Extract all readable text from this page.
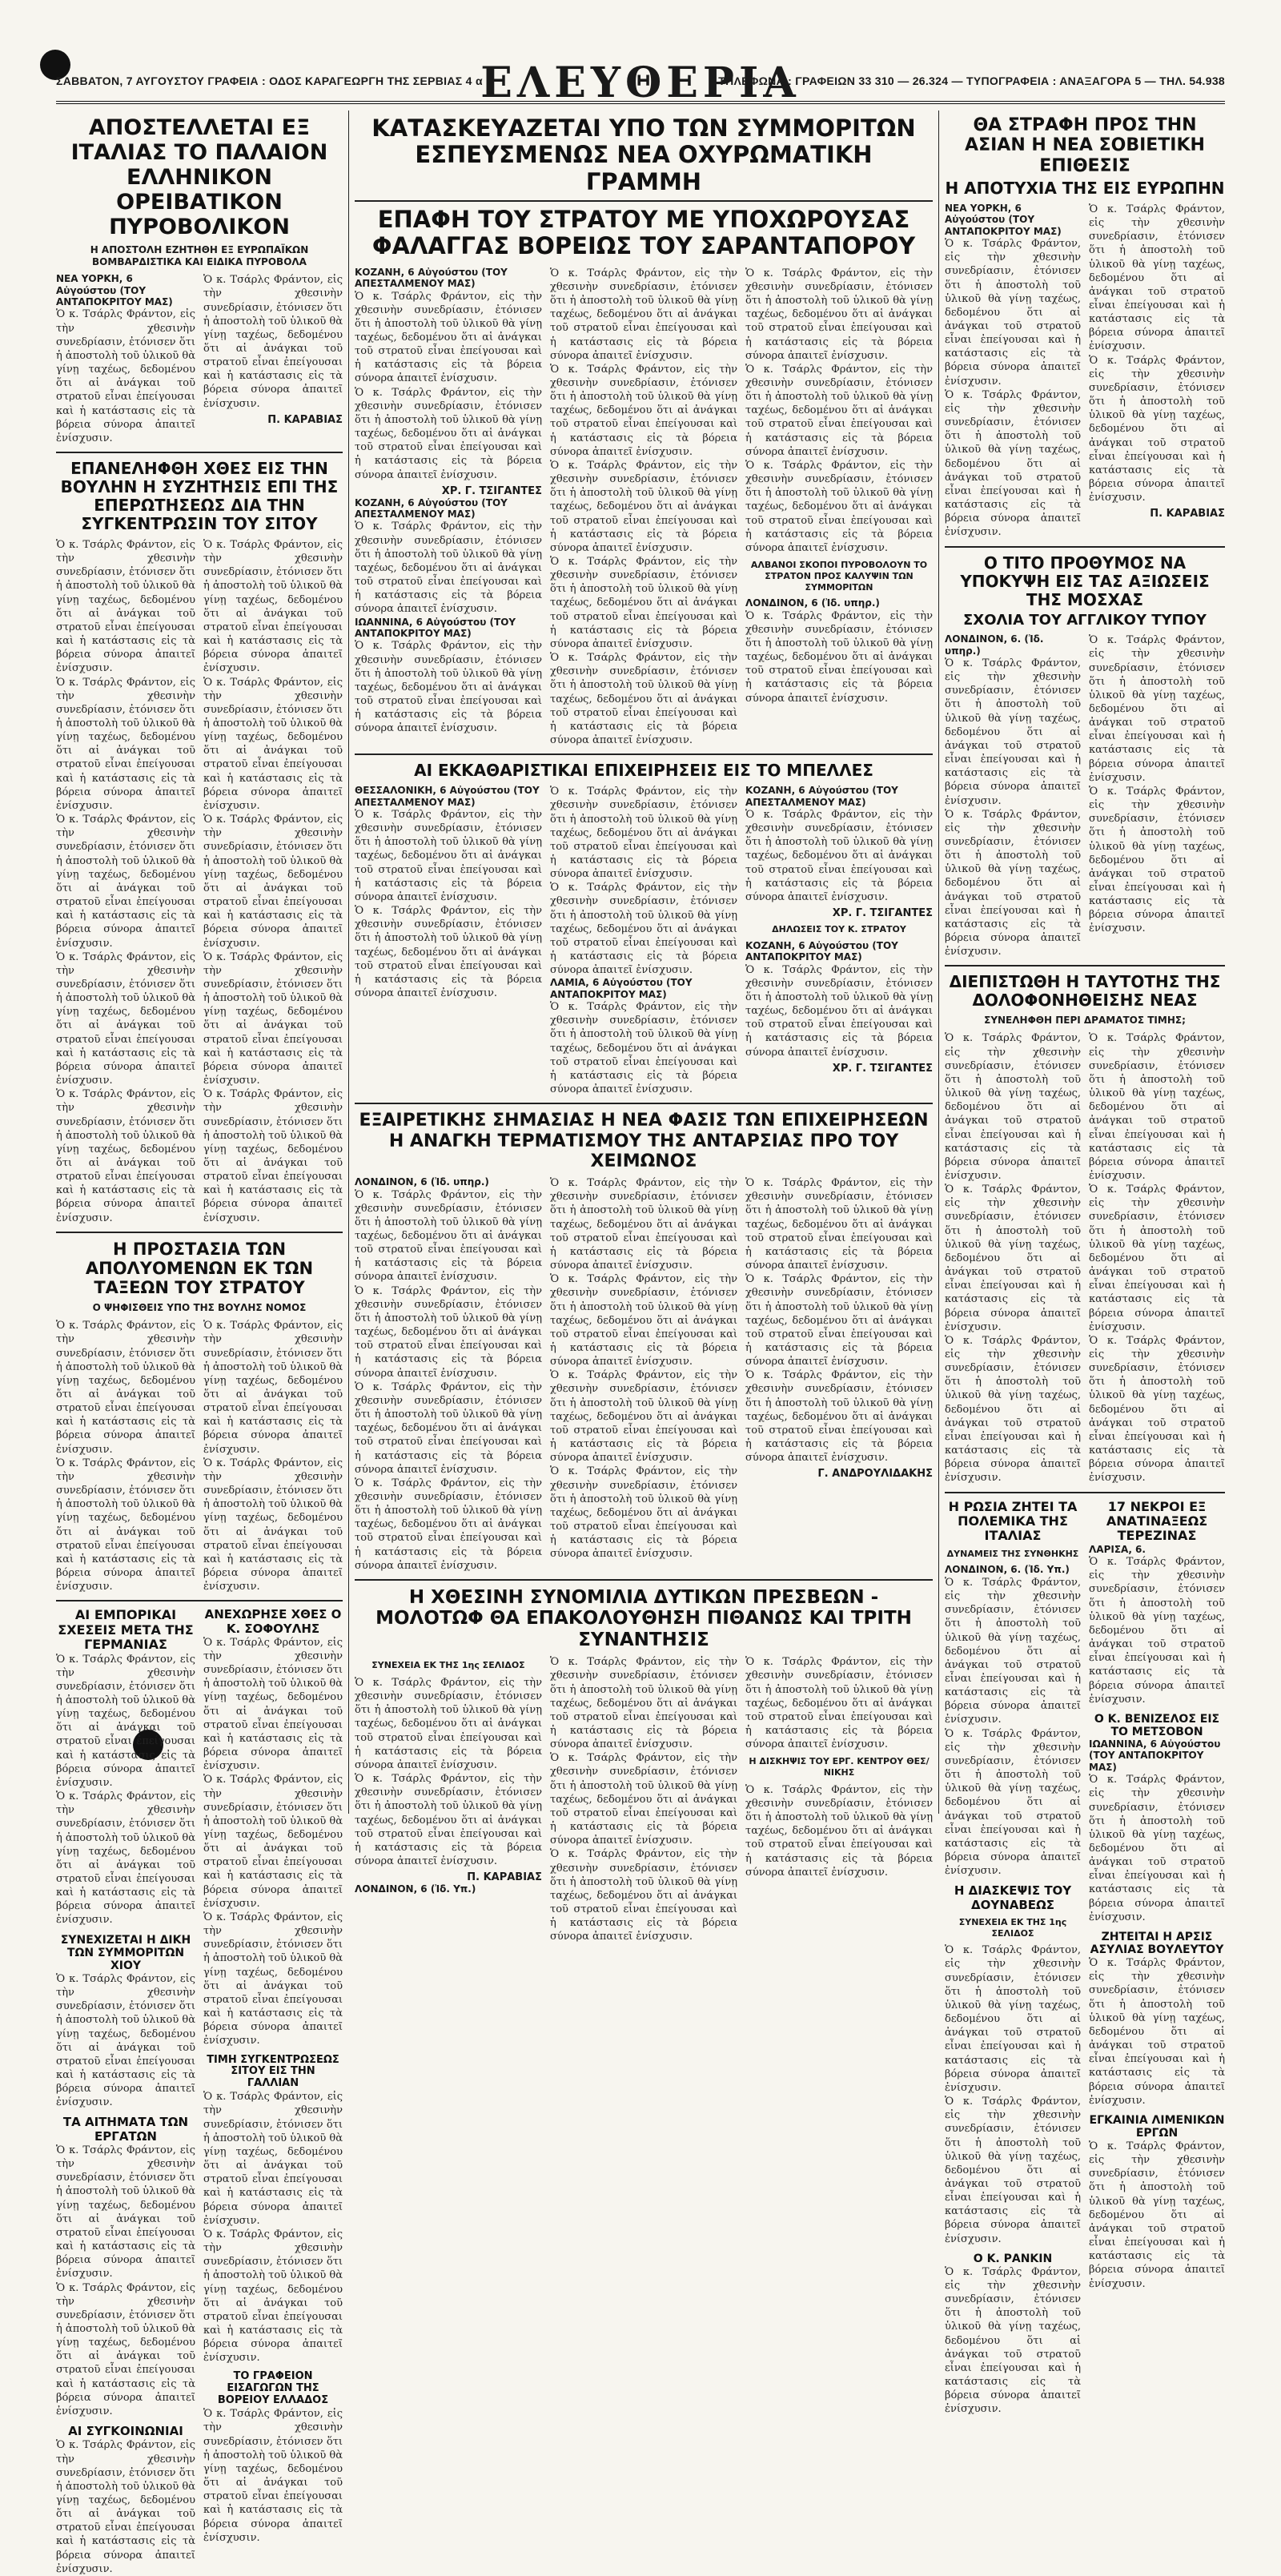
ΣΑΒΒΑΤΟΝ, 7 ΑΥΓΟΥΣΤΟΥ ΓΡΑΦΕΙΑ : ΟΔΟΣ ΚΑΡΑΓΕΩΡΓΗ ΤΗΣ ΣΕΡΒΙΑΣ 4 α
ΕΛΕΥΘΕΡΙΑ
ΤΗΛΕΦΩΝΑ : ΓΡΑΦΕΙΩΝ 33 310 — 26.324 — ΤΥΠΟΓΡΑΦΕΙΑ : ΑΝΑΞΑΓΟΡΑ 5 — ΤΗΛ. 54.938
ΑΠΟΣΤΕΛΛΕΤΑΙ ΕΞ ΙΤΑΛΙΑΣ ΤΟ ΠΑΛΑΙΟΝ ΕΛΛΗΝΙΚΟΝ ΟΡΕΙΒΑΤΙΚΟΝ ΠΥΡΟΒΟΛΙΚΟΝ
Η ΑΠΟΣΤΟΛΗ ΕΖΗΤΗΘΗ ΕΞ ΕΥΡΩΠΑΪΚΩΝ ΒΟΜΒΑΡΔΙΣΤΙΚΑ ΚΑΙ ΕΙΔΙΚΑ ΠΥΡΟΒΟΛΑ
ΝΕΑ ΥΟΡΚΗ, 6 Αὐγούστου (ΤΟΥ ΑΝΤΑΠΟΚΡΙΤΟΥ ΜΑΣ)

Ὁ κ. Τσάρλς Φράντον, εἰς τὴν χθεσινὴν συνεδρίασιν, ἐτόνισεν ὅτι ἡ ἀποστολὴ τοῦ ὑλικοῦ θὰ γίνῃ ταχέως, δεδομένου ὅτι αἱ ἀνάγκαι τοῦ στρατοῦ εἶναι ἐπείγουσαι καὶ ἡ κατάστασις εἰς τὰ βόρεια σύνορα ἀπαιτεῖ ἐνίσχυσιν.

Ὁ κ. Τσάρλς Φράντον, εἰς τὴν χθεσινὴν συνεδρίασιν, ἐτόνισεν ὅτι ἡ ἀποστολὴ τοῦ ὑλικοῦ θὰ γίνῃ ταχέως, δεδομένου ὅτι αἱ ἀνάγκαι τοῦ στρατοῦ εἶναι ἐπείγουσαι καὶ ἡ κατάστασις εἰς τὰ βόρεια σύνορα ἀπαιτεῖ ἐνίσχυσιν.

Π. ΚΑΡΑΒΙΑΣ
ΕΠΑΝΕΛΗΦΘΗ ΧΘΕΣ ΕΙΣ ΤΗΝ ΒΟΥΛΗΝ Η ΣΥΖΗΤΗΣΙΣ ΕΠΙ ΤΗΣ ΕΠΕΡΩΤΗΣΕΩΣ ΔΙΑ ΤΗΝ ΣΥΓΚΕΝΤΡΩΣΙΝ ΤΟΥ ΣΙΤΟΥ

Ὁ κ. Τσάρλς Φράντον, εἰς τὴν χθεσινὴν συνεδρίασιν, ἐτόνισεν ὅτι ἡ ἀποστολὴ τοῦ ὑλικοῦ θὰ γίνῃ ταχέως, δεδομένου ὅτι αἱ ἀνάγκαι τοῦ στρατοῦ εἶναι ἐπείγουσαι καὶ ἡ κατάστασις εἰς τὰ βόρεια σύνορα ἀπαιτεῖ ἐνίσχυσιν.

Ὁ κ. Τσάρλς Φράντον, εἰς τὴν χθεσινὴν συνεδρίασιν, ἐτόνισεν ὅτι ἡ ἀποστολὴ τοῦ ὑλικοῦ θὰ γίνῃ ταχέως, δεδομένου ὅτι αἱ ἀνάγκαι τοῦ στρατοῦ εἶναι ἐπείγουσαι καὶ ἡ κατάστασις εἰς τὰ βόρεια σύνορα ἀπαιτεῖ ἐνίσχυσιν.

Ὁ κ. Τσάρλς Φράντον, εἰς τὴν χθεσινὴν συνεδρίασιν, ἐτόνισεν ὅτι ἡ ἀποστολὴ τοῦ ὑλικοῦ θὰ γίνῃ ταχέως, δεδομένου ὅτι αἱ ἀνάγκαι τοῦ στρατοῦ εἶναι ἐπείγουσαι καὶ ἡ κατάστασις εἰς τὰ βόρεια σύνορα ἀπαιτεῖ ἐνίσχυσιν.

Ὁ κ. Τσάρλς Φράντον, εἰς τὴν χθεσινὴν συνεδρίασιν, ἐτόνισεν ὅτι ἡ ἀποστολὴ τοῦ ὑλικοῦ θὰ γίνῃ ταχέως, δεδομένου ὅτι αἱ ἀνάγκαι τοῦ στρατοῦ εἶναι ἐπείγουσαι καὶ ἡ κατάστασις εἰς τὰ βόρεια σύνορα ἀπαιτεῖ ἐνίσχυσιν.

Ὁ κ. Τσάρλς Φράντον, εἰς τὴν χθεσινὴν συνεδρίασιν, ἐτόνισεν ὅτι ἡ ἀποστολὴ τοῦ ὑλικοῦ θὰ γίνῃ ταχέως, δεδομένου ὅτι αἱ ἀνάγκαι τοῦ στρατοῦ εἶναι ἐπείγουσαι καὶ ἡ κατάστασις εἰς τὰ βόρεια σύνορα ἀπαιτεῖ ἐνίσχυσιν.

Ὁ κ. Τσάρλς Φράντον, εἰς τὴν χθεσινὴν συνεδρίασιν, ἐτόνισεν ὅτι ἡ ἀποστολὴ τοῦ ὑλικοῦ θὰ γίνῃ ταχέως, δεδομένου ὅτι αἱ ἀνάγκαι τοῦ στρατοῦ εἶναι ἐπείγουσαι καὶ ἡ κατάστασις εἰς τὰ βόρεια σύνορα ἀπαιτεῖ ἐνίσχυσιν.

Ὁ κ. Τσάρλς Φράντον, εἰς τὴν χθεσινὴν συνεδρίασιν, ἐτόνισεν ὅτι ἡ ἀποστολὴ τοῦ ὑλικοῦ θὰ γίνῃ ταχέως, δεδομένου ὅτι αἱ ἀνάγκαι τοῦ στρατοῦ εἶναι ἐπείγουσαι καὶ ἡ κατάστασις εἰς τὰ βόρεια σύνορα ἀπαιτεῖ ἐνίσχυσιν.

Ὁ κ. Τσάρλς Φράντον, εἰς τὴν χθεσινὴν συνεδρίασιν, ἐτόνισεν ὅτι ἡ ἀποστολὴ τοῦ ὑλικοῦ θὰ γίνῃ ταχέως, δεδομένου ὅτι αἱ ἀνάγκαι τοῦ στρατοῦ εἶναι ἐπείγουσαι καὶ ἡ κατάστασις εἰς τὰ βόρεια σύνορα ἀπαιτεῖ ἐνίσχυσιν.

Ὁ κ. Τσάρλς Φράντον, εἰς τὴν χθεσινὴν συνεδρίασιν, ἐτόνισεν ὅτι ἡ ἀποστολὴ τοῦ ὑλικοῦ θὰ γίνῃ ταχέως, δεδομένου ὅτι αἱ ἀνάγκαι τοῦ στρατοῦ εἶναι ἐπείγουσαι καὶ ἡ κατάστασις εἰς τὰ βόρεια σύνορα ἀπαιτεῖ ἐνίσχυσιν.

Ὁ κ. Τσάρλς Φράντον, εἰς τὴν χθεσινὴν συνεδρίασιν, ἐτόνισεν ὅτι ἡ ἀποστολὴ τοῦ ὑλικοῦ θὰ γίνῃ ταχέως, δεδομένου ὅτι αἱ ἀνάγκαι τοῦ στρατοῦ εἶναι ἐπείγουσαι καὶ ἡ κατάστασις εἰς τὰ βόρεια σύνορα ἀπαιτεῖ ἐνίσχυσιν.

Η ΠΡΟΣΤΑΣΙΑ ΤΩΝ ΑΠΟΛΥΟΜΕΝΩΝ ΕΚ ΤΩΝ ΤΑΞΕΩΝ ΤΟΥ ΣΤΡΑΤΟΥ
Ο ΨΗΦΙΣΘΕΙΣ ΥΠΟ ΤΗΣ ΒΟΥΛΗΣ ΝΟΜΟΣ

Ὁ κ. Τσάρλς Φράντον, εἰς τὴν χθεσινὴν συνεδρίασιν, ἐτόνισεν ὅτι ἡ ἀποστολὴ τοῦ ὑλικοῦ θὰ γίνῃ ταχέως, δεδομένου ὅτι αἱ ἀνάγκαι τοῦ στρατοῦ εἶναι ἐπείγουσαι καὶ ἡ κατάστασις εἰς τὰ βόρεια σύνορα ἀπαιτεῖ ἐνίσχυσιν.

Ὁ κ. Τσάρλς Φράντον, εἰς τὴν χθεσινὴν συνεδρίασιν, ἐτόνισεν ὅτι ἡ ἀποστολὴ τοῦ ὑλικοῦ θὰ γίνῃ ταχέως, δεδομένου ὅτι αἱ ἀνάγκαι τοῦ στρατοῦ εἶναι ἐπείγουσαι καὶ ἡ κατάστασις εἰς τὰ βόρεια σύνορα ἀπαιτεῖ ἐνίσχυσιν.

Ὁ κ. Τσάρλς Φράντον, εἰς τὴν χθεσινὴν συνεδρίασιν, ἐτόνισεν ὅτι ἡ ἀποστολὴ τοῦ ὑλικοῦ θὰ γίνῃ ταχέως, δεδομένου ὅτι αἱ ἀνάγκαι τοῦ στρατοῦ εἶναι ἐπείγουσαι καὶ ἡ κατάστασις εἰς τὰ βόρεια σύνορα ἀπαιτεῖ ἐνίσχυσιν.

Ὁ κ. Τσάρλς Φράντον, εἰς τὴν χθεσινὴν συνεδρίασιν, ἐτόνισεν ὅτι ἡ ἀποστολὴ τοῦ ὑλικοῦ θὰ γίνῃ ταχέως, δεδομένου ὅτι αἱ ἀνάγκαι τοῦ στρατοῦ εἶναι ἐπείγουσαι καὶ ἡ κατάστασις εἰς τὰ βόρεια σύνορα ἀπαιτεῖ ἐνίσχυσιν.

ΑΙ ΕΜΠΟΡΙΚΑΙ ΣΧΕΣΕΙΣ ΜΕΤΑ ΤΗΣ ΓΕΡΜΑΝΙΑΣ

Ὁ κ. Τσάρλς Φράντον, εἰς τὴν χθεσινὴν συνεδρίασιν, ἐτόνισεν ὅτι ἡ ἀποστολὴ τοῦ ὑλικοῦ θὰ γίνῃ ταχέως, δεδομένου ὅτι αἱ ἀνάγκαι τοῦ στρατοῦ εἶναι ἐπείγουσαι καὶ ἡ κατάστασις εἰς τὰ βόρεια σύνορα ἀπαιτεῖ ἐνίσχυσιν.

Ὁ κ. Τσάρλς Φράντον, εἰς τὴν χθεσινὴν συνεδρίασιν, ἐτόνισεν ὅτι ἡ ἀποστολὴ τοῦ ὑλικοῦ θὰ γίνῃ ταχέως, δεδομένου ὅτι αἱ ἀνάγκαι τοῦ στρατοῦ εἶναι ἐπείγουσαι καὶ ἡ κατάστασις εἰς τὰ βόρεια σύνορα ἀπαιτεῖ ἐνίσχυσιν.

ΣΥΝΕΧΙΖΕΤΑΙ Η ΔΙΚΗ ΤΩΝ ΣΥΜΜΟΡΙΤΩΝ ΧΙΟΥ

Ὁ κ. Τσάρλς Φράντον, εἰς τὴν χθεσινὴν συνεδρίασιν, ἐτόνισεν ὅτι ἡ ἀποστολὴ τοῦ ὑλικοῦ θὰ γίνῃ ταχέως, δεδομένου ὅτι αἱ ἀνάγκαι τοῦ στρατοῦ εἶναι ἐπείγουσαι καὶ ἡ κατάστασις εἰς τὰ βόρεια σύνορα ἀπαιτεῖ ἐνίσχυσιν.

ΤΑ ΑΙΤΗΜΑΤΑ ΤΩΝ ΕΡΓΑΤΩΝ

Ὁ κ. Τσάρλς Φράντον, εἰς τὴν χθεσινὴν συνεδρίασιν, ἐτόνισεν ὅτι ἡ ἀποστολὴ τοῦ ὑλικοῦ θὰ γίνῃ ταχέως, δεδομένου ὅτι αἱ ἀνάγκαι τοῦ στρατοῦ εἶναι ἐπείγουσαι καὶ ἡ κατάστασις εἰς τὰ βόρεια σύνορα ἀπαιτεῖ ἐνίσχυσιν.

Ὁ κ. Τσάρλς Φράντον, εἰς τὴν χθεσινὴν συνεδρίασιν, ἐτόνισεν ὅτι ἡ ἀποστολὴ τοῦ ὑλικοῦ θὰ γίνῃ ταχέως, δεδομένου ὅτι αἱ ἀνάγκαι τοῦ στρατοῦ εἶναι ἐπείγουσαι καὶ ἡ κατάστασις εἰς τὰ βόρεια σύνορα ἀπαιτεῖ ἐνίσχυσιν.

ΑΙ ΣΥΓΚΟΙΝΩΝΙΑΙ

Ὁ κ. Τσάρλς Φράντον, εἰς τὴν χθεσινὴν συνεδρίασιν, ἐτόνισεν ὅτι ἡ ἀποστολὴ τοῦ ὑλικοῦ θὰ γίνῃ ταχέως, δεδομένου ὅτι αἱ ἀνάγκαι τοῦ στρατοῦ εἶναι ἐπείγουσαι καὶ ἡ κατάστασις εἰς τὰ βόρεια σύνορα ἀπαιτεῖ ἐνίσχυσιν.

ΑΝΕΧΩΡΗΣΕ ΧΘΕΣ Ο Κ. ΣΟΦΟΥΛΗΣ

Ὁ κ. Τσάρλς Φράντον, εἰς τὴν χθεσινὴν συνεδρίασιν, ἐτόνισεν ὅτι ἡ ἀποστολὴ τοῦ ὑλικοῦ θὰ γίνῃ ταχέως, δεδομένου ὅτι αἱ ἀνάγκαι τοῦ στρατοῦ εἶναι ἐπείγουσαι καὶ ἡ κατάστασις εἰς τὰ βόρεια σύνορα ἀπαιτεῖ ἐνίσχυσιν.

Ὁ κ. Τσάρλς Φράντον, εἰς τὴν χθεσινὴν συνεδρίασιν, ἐτόνισεν ὅτι ἡ ἀποστολὴ τοῦ ὑλικοῦ θὰ γίνῃ ταχέως, δεδομένου ὅτι αἱ ἀνάγκαι τοῦ στρατοῦ εἶναι ἐπείγουσαι καὶ ἡ κατάστασις εἰς τὰ βόρεια σύνορα ἀπαιτεῖ ἐνίσχυσιν.

Ὁ κ. Τσάρλς Φράντον, εἰς τὴν χθεσινὴν συνεδρίασιν, ἐτόνισεν ὅτι ἡ ἀποστολὴ τοῦ ὑλικοῦ θὰ γίνῃ ταχέως, δεδομένου ὅτι αἱ ἀνάγκαι τοῦ στρατοῦ εἶναι ἐπείγουσαι καὶ ἡ κατάστασις εἰς τὰ βόρεια σύνορα ἀπαιτεῖ ἐνίσχυσιν.

ΤΙΜΗ ΣΥΓΚΕΝΤΡΩΣΕΩΣ ΣΙΤΟΥ ΕΙΣ ΤΗΝ ΓΑΛΛΙΑΝ

Ὁ κ. Τσάρλς Φράντον, εἰς τὴν χθεσινὴν συνεδρίασιν, ἐτόνισεν ὅτι ἡ ἀποστολὴ τοῦ ὑλικοῦ θὰ γίνῃ ταχέως, δεδομένου ὅτι αἱ ἀνάγκαι τοῦ στρατοῦ εἶναι ἐπείγουσαι καὶ ἡ κατάστασις εἰς τὰ βόρεια σύνορα ἀπαιτεῖ ἐνίσχυσιν.

Ὁ κ. Τσάρλς Φράντον, εἰς τὴν χθεσινὴν συνεδρίασιν, ἐτόνισεν ὅτι ἡ ἀποστολὴ τοῦ ὑλικοῦ θὰ γίνῃ ταχέως, δεδομένου ὅτι αἱ ἀνάγκαι τοῦ στρατοῦ εἶναι ἐπείγουσαι καὶ ἡ κατάστασις εἰς τὰ βόρεια σύνορα ἀπαιτεῖ ἐνίσχυσιν.

ΤΟ ΓΡΑΦΕΙΟΝ ΕΙΣΑΓΩΓΩΝ ΤΗΣ ΒΟΡΕΙΟΥ ΕΛΛΑΔΟΣ

Ὁ κ. Τσάρλς Φράντον, εἰς τὴν χθεσινὴν συνεδρίασιν, ἐτόνισεν ὅτι ἡ ἀποστολὴ τοῦ ὑλικοῦ θὰ γίνῃ ταχέως, δεδομένου ὅτι αἱ ἀνάγκαι τοῦ στρατοῦ εἶναι ἐπείγουσαι καὶ ἡ κατάστασις εἰς τὰ βόρεια σύνορα ἀπαιτεῖ ἐνίσχυσιν.

ΚΑΤΑΣΚΕΥΑΖΕΤΑΙ ΥΠΟ ΤΩΝ ΣΥΜΜΟΡΙΤΩΝ ΕΣΠΕΥΣΜΕΝΩΣ ΝΕΑ ΟΧΥΡΩΜΑΤΙΚΗ ΓΡΑΜΜΗ
ΕΠΑΦΗ ΤΟΥ ΣΤΡΑΤΟΥ ΜΕ ΥΠΟΧΩΡΟΥΣΑΣ ΦΑΛΑΓΓΑΣ ΒΟΡΕΙΩΣ ΤΟΥ ΣΑΡΑΝΤΑΠΟΡΟΥ
ΚΟΖΑΝΗ, 6 Αὐγούστου (ΤΟΥ ΑΠΕΣΤΑΛΜΕΝΟΥ ΜΑΣ)

Ὁ κ. Τσάρλς Φράντον, εἰς τὴν χθεσινὴν συνεδρίασιν, ἐτόνισεν ὅτι ἡ ἀποστολὴ τοῦ ὑλικοῦ θὰ γίνῃ ταχέως, δεδομένου ὅτι αἱ ἀνάγκαι τοῦ στρατοῦ εἶναι ἐπείγουσαι καὶ ἡ κατάστασις εἰς τὰ βόρεια σύνορα ἀπαιτεῖ ἐνίσχυσιν.

Ὁ κ. Τσάρλς Φράντον, εἰς τὴν χθεσινὴν συνεδρίασιν, ἐτόνισεν ὅτι ἡ ἀποστολὴ τοῦ ὑλικοῦ θὰ γίνῃ ταχέως, δεδομένου ὅτι αἱ ἀνάγκαι τοῦ στρατοῦ εἶναι ἐπείγουσαι καὶ ἡ κατάστασις εἰς τὰ βόρεια σύνορα ἀπαιτεῖ ἐνίσχυσιν.

ΧΡ. Γ. ΤΣΙΓΑΝΤΕΣ
ΚΟΖΑΝΗ, 6 Αὐγούστου (ΤΟΥ ΑΠΕΣΤΑΛΜΕΝΟΥ ΜΑΣ)

Ὁ κ. Τσάρλς Φράντον, εἰς τὴν χθεσινὴν συνεδρίασιν, ἐτόνισεν ὅτι ἡ ἀποστολὴ τοῦ ὑλικοῦ θὰ γίνῃ ταχέως, δεδομένου ὅτι αἱ ἀνάγκαι τοῦ στρατοῦ εἶναι ἐπείγουσαι καὶ ἡ κατάστασις εἰς τὰ βόρεια σύνορα ἀπαιτεῖ ἐνίσχυσιν.

ΙΩΑΝΝΙΝΑ, 6 Αὐγούστου (ΤΟΥ ΑΝΤΑΠΟΚΡΙΤΟΥ ΜΑΣ)

Ὁ κ. Τσάρλς Φράντον, εἰς τὴν χθεσινὴν συνεδρίασιν, ἐτόνισεν ὅτι ἡ ἀποστολὴ τοῦ ὑλικοῦ θὰ γίνῃ ταχέως, δεδομένου ὅτι αἱ ἀνάγκαι τοῦ στρατοῦ εἶναι ἐπείγουσαι καὶ ἡ κατάστασις εἰς τὰ βόρεια σύνορα ἀπαιτεῖ ἐνίσχυσιν.

Ὁ κ. Τσάρλς Φράντον, εἰς τὴν χθεσινὴν συνεδρίασιν, ἐτόνισεν ὅτι ἡ ἀποστολὴ τοῦ ὑλικοῦ θὰ γίνῃ ταχέως, δεδομένου ὅτι αἱ ἀνάγκαι τοῦ στρατοῦ εἶναι ἐπείγουσαι καὶ ἡ κατάστασις εἰς τὰ βόρεια σύνορα ἀπαιτεῖ ἐνίσχυσιν.

Ὁ κ. Τσάρλς Φράντον, εἰς τὴν χθεσινὴν συνεδρίασιν, ἐτόνισεν ὅτι ἡ ἀποστολὴ τοῦ ὑλικοῦ θὰ γίνῃ ταχέως, δεδομένου ὅτι αἱ ἀνάγκαι τοῦ στρατοῦ εἶναι ἐπείγουσαι καὶ ἡ κατάστασις εἰς τὰ βόρεια σύνορα ἀπαιτεῖ ἐνίσχυσιν.

Ὁ κ. Τσάρλς Φράντον, εἰς τὴν χθεσινὴν συνεδρίασιν, ἐτόνισεν ὅτι ἡ ἀποστολὴ τοῦ ὑλικοῦ θὰ γίνῃ ταχέως, δεδομένου ὅτι αἱ ἀνάγκαι τοῦ στρατοῦ εἶναι ἐπείγουσαι καὶ ἡ κατάστασις εἰς τὰ βόρεια σύνορα ἀπαιτεῖ ἐνίσχυσιν.

Ὁ κ. Τσάρλς Φράντον, εἰς τὴν χθεσινὴν συνεδρίασιν, ἐτόνισεν ὅτι ἡ ἀποστολὴ τοῦ ὑλικοῦ θὰ γίνῃ ταχέως, δεδομένου ὅτι αἱ ἀνάγκαι τοῦ στρατοῦ εἶναι ἐπείγουσαι καὶ ἡ κατάστασις εἰς τὰ βόρεια σύνορα ἀπαιτεῖ ἐνίσχυσιν.

Ὁ κ. Τσάρλς Φράντον, εἰς τὴν χθεσινὴν συνεδρίασιν, ἐτόνισεν ὅτι ἡ ἀποστολὴ τοῦ ὑλικοῦ θὰ γίνῃ ταχέως, δεδομένου ὅτι αἱ ἀνάγκαι τοῦ στρατοῦ εἶναι ἐπείγουσαι καὶ ἡ κατάστασις εἰς τὰ βόρεια σύνορα ἀπαιτεῖ ἐνίσχυσιν.

Ὁ κ. Τσάρλς Φράντον, εἰς τὴν χθεσινὴν συνεδρίασιν, ἐτόνισεν ὅτι ἡ ἀποστολὴ τοῦ ὑλικοῦ θὰ γίνῃ ταχέως, δεδομένου ὅτι αἱ ἀνάγκαι τοῦ στρατοῦ εἶναι ἐπείγουσαι καὶ ἡ κατάστασις εἰς τὰ βόρεια σύνορα ἀπαιτεῖ ἐνίσχυσιν.

Ὁ κ. Τσάρλς Φράντον, εἰς τὴν χθεσινὴν συνεδρίασιν, ἐτόνισεν ὅτι ἡ ἀποστολὴ τοῦ ὑλικοῦ θὰ γίνῃ ταχέως, δεδομένου ὅτι αἱ ἀνάγκαι τοῦ στρατοῦ εἶναι ἐπείγουσαι καὶ ἡ κατάστασις εἰς τὰ βόρεια σύνορα ἀπαιτεῖ ἐνίσχυσιν.

Ὁ κ. Τσάρλς Φράντον, εἰς τὴν χθεσινὴν συνεδρίασιν, ἐτόνισεν ὅτι ἡ ἀποστολὴ τοῦ ὑλικοῦ θὰ γίνῃ ταχέως, δεδομένου ὅτι αἱ ἀνάγκαι τοῦ στρατοῦ εἶναι ἐπείγουσαι καὶ ἡ κατάστασις εἰς τὰ βόρεια σύνορα ἀπαιτεῖ ἐνίσχυσιν.

ΑΛΒΑΝΟΙ ΣΚΟΠΟΙ ΠΥΡΟΒΟΛΟΥΝ ΤΟ ΣΤΡΑΤΟΝ ΠΡΟΣ ΚΑΛΥΨΙΝ ΤΩΝ ΣΥΜΜΟΡΙΤΩΝ
ΛΟΝΔΙΝΟΝ, 6 (Ἰδ. υπηρ.)

Ὁ κ. Τσάρλς Φράντον, εἰς τὴν χθεσινὴν συνεδρίασιν, ἐτόνισεν ὅτι ἡ ἀποστολὴ τοῦ ὑλικοῦ θὰ γίνῃ ταχέως, δεδομένου ὅτι αἱ ἀνάγκαι τοῦ στρατοῦ εἶναι ἐπείγουσαι καὶ ἡ κατάστασις εἰς τὰ βόρεια σύνορα ἀπαιτεῖ ἐνίσχυσιν.

ΑΙ ΕΚΚΑΘΑΡΙΣΤΙΚΑΙ ΕΠΙΧΕΙΡΗΣΕΙΣ ΕΙΣ ΤΟ ΜΠΕΛΛΕΣ
ΘΕΣΣΑΛΟΝΙΚΗ, 6 Αὐγούστου (ΤΟΥ ΑΠΕΣΤΑΛΜΕΝΟΥ ΜΑΣ)

Ὁ κ. Τσάρλς Φράντον, εἰς τὴν χθεσινὴν συνεδρίασιν, ἐτόνισεν ὅτι ἡ ἀποστολὴ τοῦ ὑλικοῦ θὰ γίνῃ ταχέως, δεδομένου ὅτι αἱ ἀνάγκαι τοῦ στρατοῦ εἶναι ἐπείγουσαι καὶ ἡ κατάστασις εἰς τὰ βόρεια σύνορα ἀπαιτεῖ ἐνίσχυσιν.

Ὁ κ. Τσάρλς Φράντον, εἰς τὴν χθεσινὴν συνεδρίασιν, ἐτόνισεν ὅτι ἡ ἀποστολὴ τοῦ ὑλικοῦ θὰ γίνῃ ταχέως, δεδομένου ὅτι αἱ ἀνάγκαι τοῦ στρατοῦ εἶναι ἐπείγουσαι καὶ ἡ κατάστασις εἰς τὰ βόρεια σύνορα ἀπαιτεῖ ἐνίσχυσιν.

Ὁ κ. Τσάρλς Φράντον, εἰς τὴν χθεσινὴν συνεδρίασιν, ἐτόνισεν ὅτι ἡ ἀποστολὴ τοῦ ὑλικοῦ θὰ γίνῃ ταχέως, δεδομένου ὅτι αἱ ἀνάγκαι τοῦ στρατοῦ εἶναι ἐπείγουσαι καὶ ἡ κατάστασις εἰς τὰ βόρεια σύνορα ἀπαιτεῖ ἐνίσχυσιν.

Ὁ κ. Τσάρλς Φράντον, εἰς τὴν χθεσινὴν συνεδρίασιν, ἐτόνισεν ὅτι ἡ ἀποστολὴ τοῦ ὑλικοῦ θὰ γίνῃ ταχέως, δεδομένου ὅτι αἱ ἀνάγκαι τοῦ στρατοῦ εἶναι ἐπείγουσαι καὶ ἡ κατάστασις εἰς τὰ βόρεια σύνορα ἀπαιτεῖ ἐνίσχυσιν.

ΛΑΜΙΑ, 6 Αὐγούστου (ΤΟΥ ΑΝΤΑΠΟΚΡΙΤΟΥ ΜΑΣ)

Ὁ κ. Τσάρλς Φράντον, εἰς τὴν χθεσινὴν συνεδρίασιν, ἐτόνισεν ὅτι ἡ ἀποστολὴ τοῦ ὑλικοῦ θὰ γίνῃ ταχέως, δεδομένου ὅτι αἱ ἀνάγκαι τοῦ στρατοῦ εἶναι ἐπείγουσαι καὶ ἡ κατάστασις εἰς τὰ βόρεια σύνορα ἀπαιτεῖ ἐνίσχυσιν.

ΚΟΖΑΝΗ, 6 Αὐγούστου (ΤΟΥ ΑΠΕΣΤΑΛΜΕΝΟΥ ΜΑΣ)

Ὁ κ. Τσάρλς Φράντον, εἰς τὴν χθεσινὴν συνεδρίασιν, ἐτόνισεν ὅτι ἡ ἀποστολὴ τοῦ ὑλικοῦ θὰ γίνῃ ταχέως, δεδομένου ὅτι αἱ ἀνάγκαι τοῦ στρατοῦ εἶναι ἐπείγουσαι καὶ ἡ κατάστασις εἰς τὰ βόρεια σύνορα ἀπαιτεῖ ἐνίσχυσιν.

ΧΡ. Γ. ΤΣΙΓΑΝΤΕΣ
ΔΗΛΩΣΕΙΣ ΤΟΥ Κ. ΣΤΡΑΤΟΥ
ΚΟΖΑΝΗ, 6 Αὐγούστου (ΤΟΥ ΑΝΤΑΠΟΚΡΙΤΟΥ ΜΑΣ)

Ὁ κ. Τσάρλς Φράντον, εἰς τὴν χθεσινὴν συνεδρίασιν, ἐτόνισεν ὅτι ἡ ἀποστολὴ τοῦ ὑλικοῦ θὰ γίνῃ ταχέως, δεδομένου ὅτι αἱ ἀνάγκαι τοῦ στρατοῦ εἶναι ἐπείγουσαι καὶ ἡ κατάστασις εἰς τὰ βόρεια σύνορα ἀπαιτεῖ ἐνίσχυσιν.

ΧΡ. Γ. ΤΣΙΓΑΝΤΕΣ
ΕΞΑΙΡΕΤΙΚΗΣ ΣΗΜΑΣΙΑΣ Η ΝΕΑ ΦΑΣΙΣ ΤΩΝ ΕΠΙΧΕΙΡΗΣΕΩΝ Η ΑΝΑΓΚΗ ΤΕΡΜΑΤΙΣΜΟΥ ΤΗΣ ΑΝΤΑΡΣΙΑΣ ΠΡΟ ΤΟΥ ΧΕΙΜΩΝΟΣ
ΛΟΝΔΙΝΟΝ, 6 (Ἰδ. υπηρ.)

Ὁ κ. Τσάρλς Φράντον, εἰς τὴν χθεσινὴν συνεδρίασιν, ἐτόνισεν ὅτι ἡ ἀποστολὴ τοῦ ὑλικοῦ θὰ γίνῃ ταχέως, δεδομένου ὅτι αἱ ἀνάγκαι τοῦ στρατοῦ εἶναι ἐπείγουσαι καὶ ἡ κατάστασις εἰς τὰ βόρεια σύνορα ἀπαιτεῖ ἐνίσχυσιν.

Ὁ κ. Τσάρλς Φράντον, εἰς τὴν χθεσινὴν συνεδρίασιν, ἐτόνισεν ὅτι ἡ ἀποστολὴ τοῦ ὑλικοῦ θὰ γίνῃ ταχέως, δεδομένου ὅτι αἱ ἀνάγκαι τοῦ στρατοῦ εἶναι ἐπείγουσαι καὶ ἡ κατάστασις εἰς τὰ βόρεια σύνορα ἀπαιτεῖ ἐνίσχυσιν.

Ὁ κ. Τσάρλς Φράντον, εἰς τὴν χθεσινὴν συνεδρίασιν, ἐτόνισεν ὅτι ἡ ἀποστολὴ τοῦ ὑλικοῦ θὰ γίνῃ ταχέως, δεδομένου ὅτι αἱ ἀνάγκαι τοῦ στρατοῦ εἶναι ἐπείγουσαι καὶ ἡ κατάστασις εἰς τὰ βόρεια σύνορα ἀπαιτεῖ ἐνίσχυσιν.

Ὁ κ. Τσάρλς Φράντον, εἰς τὴν χθεσινὴν συνεδρίασιν, ἐτόνισεν ὅτι ἡ ἀποστολὴ τοῦ ὑλικοῦ θὰ γίνῃ ταχέως, δεδομένου ὅτι αἱ ἀνάγκαι τοῦ στρατοῦ εἶναι ἐπείγουσαι καὶ ἡ κατάστασις εἰς τὰ βόρεια σύνορα ἀπαιτεῖ ἐνίσχυσιν.

Ὁ κ. Τσάρλς Φράντον, εἰς τὴν χθεσινὴν συνεδρίασιν, ἐτόνισεν ὅτι ἡ ἀποστολὴ τοῦ ὑλικοῦ θὰ γίνῃ ταχέως, δεδομένου ὅτι αἱ ἀνάγκαι τοῦ στρατοῦ εἶναι ἐπείγουσαι καὶ ἡ κατάστασις εἰς τὰ βόρεια σύνορα ἀπαιτεῖ ἐνίσχυσιν.

Ὁ κ. Τσάρλς Φράντον, εἰς τὴν χθεσινὴν συνεδρίασιν, ἐτόνισεν ὅτι ἡ ἀποστολὴ τοῦ ὑλικοῦ θὰ γίνῃ ταχέως, δεδομένου ὅτι αἱ ἀνάγκαι τοῦ στρατοῦ εἶναι ἐπείγουσαι καὶ ἡ κατάστασις εἰς τὰ βόρεια σύνορα ἀπαιτεῖ ἐνίσχυσιν.

Ὁ κ. Τσάρλς Φράντον, εἰς τὴν χθεσινὴν συνεδρίασιν, ἐτόνισεν ὅτι ἡ ἀποστολὴ τοῦ ὑλικοῦ θὰ γίνῃ ταχέως, δεδομένου ὅτι αἱ ἀνάγκαι τοῦ στρατοῦ εἶναι ἐπείγουσαι καὶ ἡ κατάστασις εἰς τὰ βόρεια σύνορα ἀπαιτεῖ ἐνίσχυσιν.

Ὁ κ. Τσάρλς Φράντον, εἰς τὴν χθεσινὴν συνεδρίασιν, ἐτόνισεν ὅτι ἡ ἀποστολὴ τοῦ ὑλικοῦ θὰ γίνῃ ταχέως, δεδομένου ὅτι αἱ ἀνάγκαι τοῦ στρατοῦ εἶναι ἐπείγουσαι καὶ ἡ κατάστασις εἰς τὰ βόρεια σύνορα ἀπαιτεῖ ἐνίσχυσιν.

Ὁ κ. Τσάρλς Φράντον, εἰς τὴν χθεσινὴν συνεδρίασιν, ἐτόνισεν ὅτι ἡ ἀποστολὴ τοῦ ὑλικοῦ θὰ γίνῃ ταχέως, δεδομένου ὅτι αἱ ἀνάγκαι τοῦ στρατοῦ εἶναι ἐπείγουσαι καὶ ἡ κατάστασις εἰς τὰ βόρεια σύνορα ἀπαιτεῖ ἐνίσχυσιν.

Ὁ κ. Τσάρλς Φράντον, εἰς τὴν χθεσινὴν συνεδρίασιν, ἐτόνισεν ὅτι ἡ ἀποστολὴ τοῦ ὑλικοῦ θὰ γίνῃ ταχέως, δεδομένου ὅτι αἱ ἀνάγκαι τοῦ στρατοῦ εἶναι ἐπείγουσαι καὶ ἡ κατάστασις εἰς τὰ βόρεια σύνορα ἀπαιτεῖ ἐνίσχυσιν.

Ὁ κ. Τσάρλς Φράντον, εἰς τὴν χθεσινὴν συνεδρίασιν, ἐτόνισεν ὅτι ἡ ἀποστολὴ τοῦ ὑλικοῦ θὰ γίνῃ ταχέως, δεδομένου ὅτι αἱ ἀνάγκαι τοῦ στρατοῦ εἶναι ἐπείγουσαι καὶ ἡ κατάστασις εἰς τὰ βόρεια σύνορα ἀπαιτεῖ ἐνίσχυσιν.

Γ. ΑΝΔΡΟΥΛΙΔΑΚΗΣ
Η ΧΘΕΣΙΝΗ ΣΥΝΟΜΙΛΙΑ ΔΥΤΙΚΩΝ ΠΡΕΣΒΕΩΝ - ΜΟΛΟΤΩΦ ΘΑ ΕΠΑΚΟΛΟΥΘΗΣΗ ΠΙΘΑΝΩΣ ΚΑΙ ΤΡΙΤΗ ΣΥΝΑΝΤΗΣΙΣ
ΣΥΝΕΧΕΙΑ ΕΚ ΤΗΣ 1ης ΣΕΛΙΔΟΣ

Ὁ κ. Τσάρλς Φράντον, εἰς τὴν χθεσινὴν συνεδρίασιν, ἐτόνισεν ὅτι ἡ ἀποστολὴ τοῦ ὑλικοῦ θὰ γίνῃ ταχέως, δεδομένου ὅτι αἱ ἀνάγκαι τοῦ στρατοῦ εἶναι ἐπείγουσαι καὶ ἡ κατάστασις εἰς τὰ βόρεια σύνορα ἀπαιτεῖ ἐνίσχυσιν.

Ὁ κ. Τσάρλς Φράντον, εἰς τὴν χθεσινὴν συνεδρίασιν, ἐτόνισεν ὅτι ἡ ἀποστολὴ τοῦ ὑλικοῦ θὰ γίνῃ ταχέως, δεδομένου ὅτι αἱ ἀνάγκαι τοῦ στρατοῦ εἶναι ἐπείγουσαι καὶ ἡ κατάστασις εἰς τὰ βόρεια σύνορα ἀπαιτεῖ ἐνίσχυσιν.

Π. ΚΑΡΑΒΙΑΣ
ΛΟΝΔΙΝΟΝ, 6 (Ἰδ. Υπ.)

Ὁ κ. Τσάρλς Φράντον, εἰς τὴν χθεσινὴν συνεδρίασιν, ἐτόνισεν ὅτι ἡ ἀποστολὴ τοῦ ὑλικοῦ θὰ γίνῃ ταχέως, δεδομένου ὅτι αἱ ἀνάγκαι τοῦ στρατοῦ εἶναι ἐπείγουσαι καὶ ἡ κατάστασις εἰς τὰ βόρεια σύνορα ἀπαιτεῖ ἐνίσχυσιν.

Ὁ κ. Τσάρλς Φράντον, εἰς τὴν χθεσινὴν συνεδρίασιν, ἐτόνισεν ὅτι ἡ ἀποστολὴ τοῦ ὑλικοῦ θὰ γίνῃ ταχέως, δεδομένου ὅτι αἱ ἀνάγκαι τοῦ στρατοῦ εἶναι ἐπείγουσαι καὶ ἡ κατάστασις εἰς τὰ βόρεια σύνορα ἀπαιτεῖ ἐνίσχυσιν.

Ὁ κ. Τσάρλς Φράντον, εἰς τὴν χθεσινὴν συνεδρίασιν, ἐτόνισεν ὅτι ἡ ἀποστολὴ τοῦ ὑλικοῦ θὰ γίνῃ ταχέως, δεδομένου ὅτι αἱ ἀνάγκαι τοῦ στρατοῦ εἶναι ἐπείγουσαι καὶ ἡ κατάστασις εἰς τὰ βόρεια σύνορα ἀπαιτεῖ ἐνίσχυσιν.

Ὁ κ. Τσάρλς Φράντον, εἰς τὴν χθεσινὴν συνεδρίασιν, ἐτόνισεν ὅτι ἡ ἀποστολὴ τοῦ ὑλικοῦ θὰ γίνῃ ταχέως, δεδομένου ὅτι αἱ ἀνάγκαι τοῦ στρατοῦ εἶναι ἐπείγουσαι καὶ ἡ κατάστασις εἰς τὰ βόρεια σύνορα ἀπαιτεῖ ἐνίσχυσιν.

Η ΔΙΣΚΗΨΙΣ ΤΟΥ ΕΡΓ. ΚΕΝΤΡΟΥ ΘΕΣ/ΝΙΚΗΣ

Ὁ κ. Τσάρλς Φράντον, εἰς τὴν χθεσινὴν συνεδρίασιν, ἐτόνισεν ὅτι ἡ ἀποστολὴ τοῦ ὑλικοῦ θὰ γίνῃ ταχέως, δεδομένου ὅτι αἱ ἀνάγκαι τοῦ στρατοῦ εἶναι ἐπείγουσαι καὶ ἡ κατάστασις εἰς τὰ βόρεια σύνορα ἀπαιτεῖ ἐνίσχυσιν.

ΘΑ ΣΤΡΑΦΗ ΠΡΟΣ ΤΗΝ ΑΣΙΑΝ Η ΝΕΑ ΣΟΒΙΕΤΙΚΗ ΕΠΙΘΕΣΙΣ
Η ΑΠΟΤΥΧΙΑ ΤΗΣ ΕΙΣ ΕΥΡΩΠΗΝ
ΝΕΑ ΥΟΡΚΗ, 6 Αὐγούστου (ΤΟΥ ΑΝΤΑΠΟΚΡΙΤΟΥ ΜΑΣ)

Ὁ κ. Τσάρλς Φράντον, εἰς τὴν χθεσινὴν συνεδρίασιν, ἐτόνισεν ὅτι ἡ ἀποστολὴ τοῦ ὑλικοῦ θὰ γίνῃ ταχέως, δεδομένου ὅτι αἱ ἀνάγκαι τοῦ στρατοῦ εἶναι ἐπείγουσαι καὶ ἡ κατάστασις εἰς τὰ βόρεια σύνορα ἀπαιτεῖ ἐνίσχυσιν.

Ὁ κ. Τσάρλς Φράντον, εἰς τὴν χθεσινὴν συνεδρίασιν, ἐτόνισεν ὅτι ἡ ἀποστολὴ τοῦ ὑλικοῦ θὰ γίνῃ ταχέως, δεδομένου ὅτι αἱ ἀνάγκαι τοῦ στρατοῦ εἶναι ἐπείγουσαι καὶ ἡ κατάστασις εἰς τὰ βόρεια σύνορα ἀπαιτεῖ ἐνίσχυσιν.

Ὁ κ. Τσάρλς Φράντον, εἰς τὴν χθεσινὴν συνεδρίασιν, ἐτόνισεν ὅτι ἡ ἀποστολὴ τοῦ ὑλικοῦ θὰ γίνῃ ταχέως, δεδομένου ὅτι αἱ ἀνάγκαι τοῦ στρατοῦ εἶναι ἐπείγουσαι καὶ ἡ κατάστασις εἰς τὰ βόρεια σύνορα ἀπαιτεῖ ἐνίσχυσιν.

Ὁ κ. Τσάρλς Φράντον, εἰς τὴν χθεσινὴν συνεδρίασιν, ἐτόνισεν ὅτι ἡ ἀποστολὴ τοῦ ὑλικοῦ θὰ γίνῃ ταχέως, δεδομένου ὅτι αἱ ἀνάγκαι τοῦ στρατοῦ εἶναι ἐπείγουσαι καὶ ἡ κατάστασις εἰς τὰ βόρεια σύνορα ἀπαιτεῖ ἐνίσχυσιν.

Π. ΚΑΡΑΒΙΑΣ
Ο ΤΙΤΟ ΠΡΟΘΥΜΟΣ ΝΑ ΥΠΟΚΥΨΗ ΕΙΣ ΤΑΣ ΑΞΙΩΣΕΙΣ ΤΗΣ ΜΟΣΧΑΣ
ΣΧΟΛΙΑ ΤΟΥ ΑΓΓΛΙΚΟΥ ΤΥΠΟΥ
ΛΟΝΔΙΝΟΝ, 6. (Ἰδ. υπηρ.)

Ὁ κ. Τσάρλς Φράντον, εἰς τὴν χθεσινὴν συνεδρίασιν, ἐτόνισεν ὅτι ἡ ἀποστολὴ τοῦ ὑλικοῦ θὰ γίνῃ ταχέως, δεδομένου ὅτι αἱ ἀνάγκαι τοῦ στρατοῦ εἶναι ἐπείγουσαι καὶ ἡ κατάστασις εἰς τὰ βόρεια σύνορα ἀπαιτεῖ ἐνίσχυσιν.

Ὁ κ. Τσάρλς Φράντον, εἰς τὴν χθεσινὴν συνεδρίασιν, ἐτόνισεν ὅτι ἡ ἀποστολὴ τοῦ ὑλικοῦ θὰ γίνῃ ταχέως, δεδομένου ὅτι αἱ ἀνάγκαι τοῦ στρατοῦ εἶναι ἐπείγουσαι καὶ ἡ κατάστασις εἰς τὰ βόρεια σύνορα ἀπαιτεῖ ἐνίσχυσιν.

Ὁ κ. Τσάρλς Φράντον, εἰς τὴν χθεσινὴν συνεδρίασιν, ἐτόνισεν ὅτι ἡ ἀποστολὴ τοῦ ὑλικοῦ θὰ γίνῃ ταχέως, δεδομένου ὅτι αἱ ἀνάγκαι τοῦ στρατοῦ εἶναι ἐπείγουσαι καὶ ἡ κατάστασις εἰς τὰ βόρεια σύνορα ἀπαιτεῖ ἐνίσχυσιν.

Ὁ κ. Τσάρλς Φράντον, εἰς τὴν χθεσινὴν συνεδρίασιν, ἐτόνισεν ὅτι ἡ ἀποστολὴ τοῦ ὑλικοῦ θὰ γίνῃ ταχέως, δεδομένου ὅτι αἱ ἀνάγκαι τοῦ στρατοῦ εἶναι ἐπείγουσαι καὶ ἡ κατάστασις εἰς τὰ βόρεια σύνορα ἀπαιτεῖ ἐνίσχυσιν.

ΔΙΕΠΙΣΤΩΘΗ Η ΤΑΥΤΟΤΗΣ ΤΗΣ ΔΟΛΟΦΟΝΗΘΕΙΣΗΣ ΝΕΑΣ
ΣΥΝΕΛΗΦΘΗ ΠΕΡΙ ΔΡΑΜΑΤΟΣ ΤΙΜΗΣ;

Ὁ κ. Τσάρλς Φράντον, εἰς τὴν χθεσινὴν συνεδρίασιν, ἐτόνισεν ὅτι ἡ ἀποστολὴ τοῦ ὑλικοῦ θὰ γίνῃ ταχέως, δεδομένου ὅτι αἱ ἀνάγκαι τοῦ στρατοῦ εἶναι ἐπείγουσαι καὶ ἡ κατάστασις εἰς τὰ βόρεια σύνορα ἀπαιτεῖ ἐνίσχυσιν.

Ὁ κ. Τσάρλς Φράντον, εἰς τὴν χθεσινὴν συνεδρίασιν, ἐτόνισεν ὅτι ἡ ἀποστολὴ τοῦ ὑλικοῦ θὰ γίνῃ ταχέως, δεδομένου ὅτι αἱ ἀνάγκαι τοῦ στρατοῦ εἶναι ἐπείγουσαι καὶ ἡ κατάστασις εἰς τὰ βόρεια σύνορα ἀπαιτεῖ ἐνίσχυσιν.

Ὁ κ. Τσάρλς Φράντον, εἰς τὴν χθεσινὴν συνεδρίασιν, ἐτόνισεν ὅτι ἡ ἀποστολὴ τοῦ ὑλικοῦ θὰ γίνῃ ταχέως, δεδομένου ὅτι αἱ ἀνάγκαι τοῦ στρατοῦ εἶναι ἐπείγουσαι καὶ ἡ κατάστασις εἰς τὰ βόρεια σύνορα ἀπαιτεῖ ἐνίσχυσιν.

Ὁ κ. Τσάρλς Φράντον, εἰς τὴν χθεσινὴν συνεδρίασιν, ἐτόνισεν ὅτι ἡ ἀποστολὴ τοῦ ὑλικοῦ θὰ γίνῃ ταχέως, δεδομένου ὅτι αἱ ἀνάγκαι τοῦ στρατοῦ εἶναι ἐπείγουσαι καὶ ἡ κατάστασις εἰς τὰ βόρεια σύνορα ἀπαιτεῖ ἐνίσχυσιν.

Ὁ κ. Τσάρλς Φράντον, εἰς τὴν χθεσινὴν συνεδρίασιν, ἐτόνισεν ὅτι ἡ ἀποστολὴ τοῦ ὑλικοῦ θὰ γίνῃ ταχέως, δεδομένου ὅτι αἱ ἀνάγκαι τοῦ στρατοῦ εἶναι ἐπείγουσαι καὶ ἡ κατάστασις εἰς τὰ βόρεια σύνορα ἀπαιτεῖ ἐνίσχυσιν.

Ὁ κ. Τσάρλς Φράντον, εἰς τὴν χθεσινὴν συνεδρίασιν, ἐτόνισεν ὅτι ἡ ἀποστολὴ τοῦ ὑλικοῦ θὰ γίνῃ ταχέως, δεδομένου ὅτι αἱ ἀνάγκαι τοῦ στρατοῦ εἶναι ἐπείγουσαι καὶ ἡ κατάστασις εἰς τὰ βόρεια σύνορα ἀπαιτεῖ ἐνίσχυσιν.

Η ΡΩΣΙΑ ΖΗΤΕΙ ΤΑ ΠΟΛΕΜΙΚΑ ΤΗΣ ΙΤΑΛΙΑΣ
ΔΥΝΑΜΕΙΣ ΤΗΣ ΣΥΝΘΗΚΗΣ
ΛΟΝΔΙΝΟΝ, 6. (Ἰδ. Υπ.)

Ὁ κ. Τσάρλς Φράντον, εἰς τὴν χθεσινὴν συνεδρίασιν, ἐτόνισεν ὅτι ἡ ἀποστολὴ τοῦ ὑλικοῦ θὰ γίνῃ ταχέως, δεδομένου ὅτι αἱ ἀνάγκαι τοῦ στρατοῦ εἶναι ἐπείγουσαι καὶ ἡ κατάστασις εἰς τὰ βόρεια σύνορα ἀπαιτεῖ ἐνίσχυσιν.

Ὁ κ. Τσάρλς Φράντον, εἰς τὴν χθεσινὴν συνεδρίασιν, ἐτόνισεν ὅτι ἡ ἀποστολὴ τοῦ ὑλικοῦ θὰ γίνῃ ταχέως, δεδομένου ὅτι αἱ ἀνάγκαι τοῦ στρατοῦ εἶναι ἐπείγουσαι καὶ ἡ κατάστασις εἰς τὰ βόρεια σύνορα ἀπαιτεῖ ἐνίσχυσιν.

Η ΔΙΑΣΚΕΨΙΣ ΤΟΥ ΔΟΥΝΑΒΕΩΣ
ΣΥΝΕΧΕΙΑ ΕΚ ΤΗΣ 1ης ΣΕΛΙΔΟΣ

Ὁ κ. Τσάρλς Φράντον, εἰς τὴν χθεσινὴν συνεδρίασιν, ἐτόνισεν ὅτι ἡ ἀποστολὴ τοῦ ὑλικοῦ θὰ γίνῃ ταχέως, δεδομένου ὅτι αἱ ἀνάγκαι τοῦ στρατοῦ εἶναι ἐπείγουσαι καὶ ἡ κατάστασις εἰς τὰ βόρεια σύνορα ἀπαιτεῖ ἐνίσχυσιν.

Ὁ κ. Τσάρλς Φράντον, εἰς τὴν χθεσινὴν συνεδρίασιν, ἐτόνισεν ὅτι ἡ ἀποστολὴ τοῦ ὑλικοῦ θὰ γίνῃ ταχέως, δεδομένου ὅτι αἱ ἀνάγκαι τοῦ στρατοῦ εἶναι ἐπείγουσαι καὶ ἡ κατάστασις εἰς τὰ βόρεια σύνορα ἀπαιτεῖ ἐνίσχυσιν.

Ο Κ. ΡΑΝΚΙΝ

Ὁ κ. Τσάρλς Φράντον, εἰς τὴν χθεσινὴν συνεδρίασιν, ἐτόνισεν ὅτι ἡ ἀποστολὴ τοῦ ὑλικοῦ θὰ γίνῃ ταχέως, δεδομένου ὅτι αἱ ἀνάγκαι τοῦ στρατοῦ εἶναι ἐπείγουσαι καὶ ἡ κατάστασις εἰς τὰ βόρεια σύνορα ἀπαιτεῖ ἐνίσχυσιν.

17 ΝΕΚΡΟΙ ΕΞ ΑΝΑΤΙΝΑΞΕΩΣ ΤΕΡΕΖΙΝΑΣ
ΛΑΡΙΣΑ, 6.

Ὁ κ. Τσάρλς Φράντον, εἰς τὴν χθεσινὴν συνεδρίασιν, ἐτόνισεν ὅτι ἡ ἀποστολὴ τοῦ ὑλικοῦ θὰ γίνῃ ταχέως, δεδομένου ὅτι αἱ ἀνάγκαι τοῦ στρατοῦ εἶναι ἐπείγουσαι καὶ ἡ κατάστασις εἰς τὰ βόρεια σύνορα ἀπαιτεῖ ἐνίσχυσιν.

Ο Κ. ΒΕΝΙΖΕΛΟΣ ΕΙΣ ΤΟ ΜΕΤΣΟΒΟΝ
ΙΩΑΝΝΙΝΑ, 6 Αὐγούστου (ΤΟΥ ΑΝΤΑΠΟΚΡΙΤΟΥ ΜΑΣ)

Ὁ κ. Τσάρλς Φράντον, εἰς τὴν χθεσινὴν συνεδρίασιν, ἐτόνισεν ὅτι ἡ ἀποστολὴ τοῦ ὑλικοῦ θὰ γίνῃ ταχέως, δεδομένου ὅτι αἱ ἀνάγκαι τοῦ στρατοῦ εἶναι ἐπείγουσαι καὶ ἡ κατάστασις εἰς τὰ βόρεια σύνορα ἀπαιτεῖ ἐνίσχυσιν.

ΖΗΤΕΙΤΑΙ Η ΑΡΣΙΣ ΑΣΥΛΙΑΣ ΒΟΥΛΕΥΤΟΥ

Ὁ κ. Τσάρλς Φράντον, εἰς τὴν χθεσινὴν συνεδρίασιν, ἐτόνισεν ὅτι ἡ ἀποστολὴ τοῦ ὑλικοῦ θὰ γίνῃ ταχέως, δεδομένου ὅτι αἱ ἀνάγκαι τοῦ στρατοῦ εἶναι ἐπείγουσαι καὶ ἡ κατάστασις εἰς τὰ βόρεια σύνορα ἀπαιτεῖ ἐνίσχυσιν.

ΕΓΚΑΙΝΙΑ ΛΙΜΕΝΙΚΩΝ ΕΡΓΩΝ

Ὁ κ. Τσάρλς Φράντον, εἰς τὴν χθεσινὴν συνεδρίασιν, ἐτόνισεν ὅτι ἡ ἀποστολὴ τοῦ ὑλικοῦ θὰ γίνῃ ταχέως, δεδομένου ὅτι αἱ ἀνάγκαι τοῦ στρατοῦ εἶναι ἐπείγουσαι καὶ ἡ κατάστασις εἰς τὰ βόρεια σύνορα ἀπαιτεῖ ἐνίσχυσιν.
